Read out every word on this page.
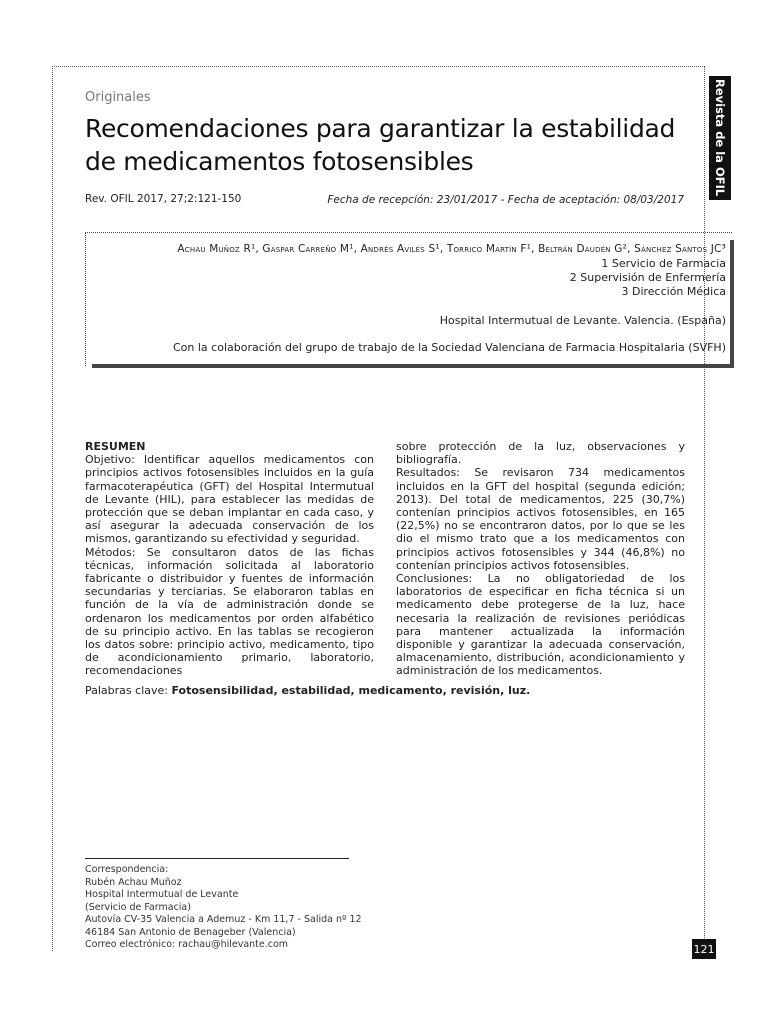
Revista de la OFIL
Originales
Recomendaciones para garantizar la estabilidad
de medicamentos fotosensibles
Rev. OFIL 2017, 27;2:121-150	Fecha de recepción: 23/01/2017 - Fecha de aceptación: 08/03/2017
Achau Muñoz R¹, Gaspar Carreño M¹, Andrés Avilés S¹, Torrico Martín F¹, Beltrán Daudén G², Sánchez Santos JC³
1 Servicio de Farmacia
2 Supervisión de Enfermería
3 Dirección Médica
Hospital Intermutual de Levante. Valencia. (España)
Con la colaboración del grupo de trabajo de la Sociedad Valenciana de Farmacia Hospitalaria (SVFH)

RESUMEN

Objetivo: Identificar aquellos medicamentos con principios activos fotosensibles incluidos en la guía farmacoterapéutica (GFT) del Hospital Intermutual de Levante (HIL), para establecer las medidas de protección que se deban implantar en cada caso, y así asegurar la adecuada conservación de los mismos, garantizando su efectividad y seguridad.

Métodos: Se consultaron datos de las fichas técnicas, información solicitada al laboratorio fabricante o distribuidor y fuentes de información secundarias y terciarias. Se elaboraron tablas en función de la vía de administración donde se ordenaron los medicamentos por orden alfabético de su principio activo. En las tablas se recogieron los datos sobre: principio activo, medicamento, tipo de acondicionamiento primario, laboratorio, recomendaciones

sobre protección de la luz, observaciones y bibliografía.

Resultados: Se revisaron 734 medicamentos incluidos en la GFT del hospital (segunda edición; 2013). Del total de medicamentos, 225 (30,7%) contenían principios activos fotosensibles, en 165 (22,5%) no se encontraron datos, por lo que se les dio el mismo trato que a los medicamentos con principios activos fotosensibles y 344 (46,8%) no contenían principios activos fotosensibles.

Conclusiones: La no obligatoriedad de los laboratorios de especificar en ficha técnica si un medicamento debe protegerse de la luz, hace necesaria la realización de revisiones periódicas para mantener actualizada la información disponible y garantizar la adecuada conservación, almacenamiento, distribución, acondicionamiento y administración de los medicamentos.

Palabras clave: Fotosensibilidad, estabilidad, medicamento, revisión, luz.
Correspondencia:
Rubén Achau Muñoz
Hospital Intermutual de Levante
(Servicio de Farmacia)
Autovía CV-35 Valencia a Ademuz - Km 11,7 - Salida nº 12
46184 San Antonio de Benageber (Valencia)
Correo electrónico: rachau@hilevante.com	121
